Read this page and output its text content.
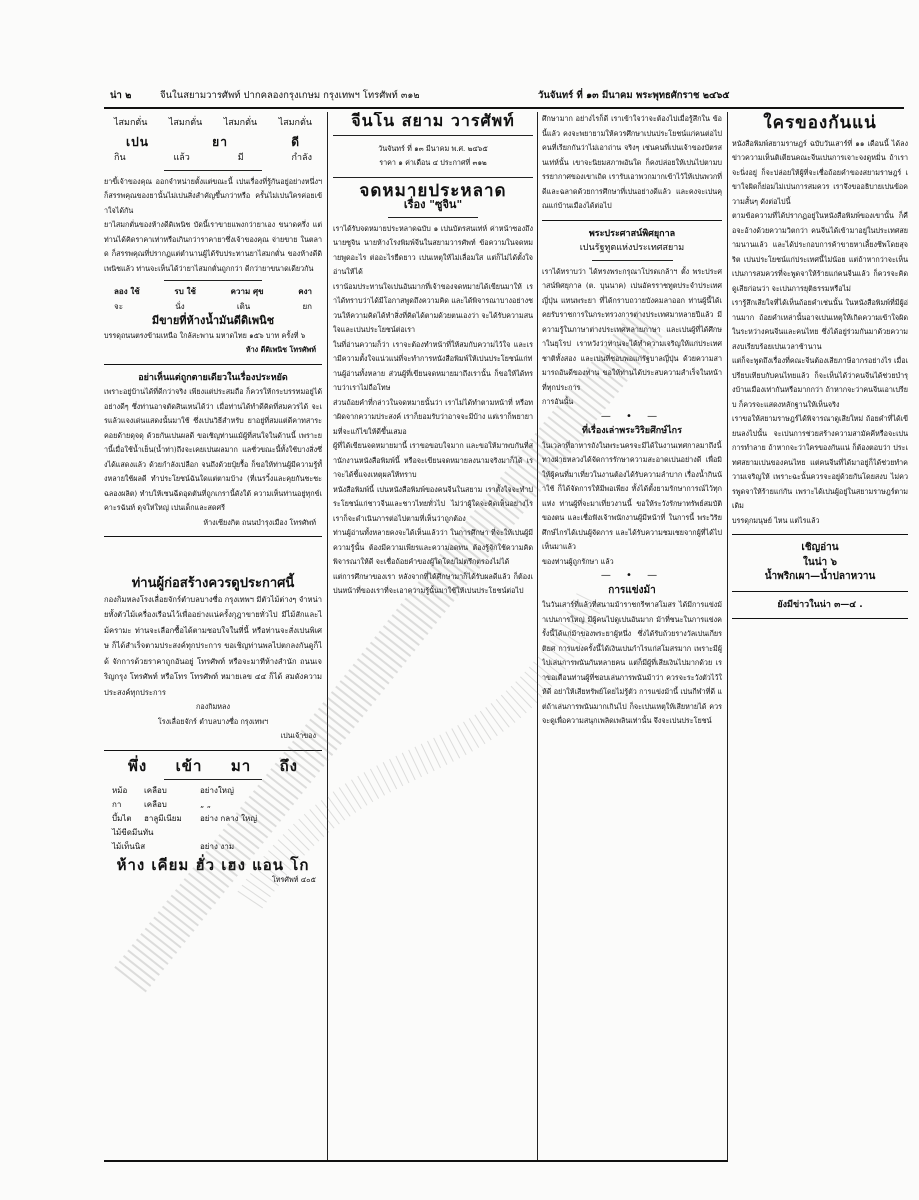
น่า ๒	จีนในสยามวารศัพท์ ปากคลองกรุงเกษม กรุงเทพฯ โทรศัพท์ ๓๑๒	วันจันทร์ ที่ ๑๓ มีนาคม พระพุทธศักราช ๒๔๖๕
ไสมกตั่น ไสมกตั่น ไสมกตั่น ไสมกตั่น
เปน	ยา	ดี
กิน	แล้ว	มี	กำลัง

ยาขี้เจ้าของคุณ ออกจำหน่ายตั้งแต่ขณะนี้ เปนเรื่องที่รู้กันอยู่อย่างหนึ่งฯ ก็สรรพคุณของยานั้นไม่เปนสิ่งสำคัญขึ้นกว่าหรือ ครั้นไม่เปนใครค่อยเข้าใจได้กัน

ยาไสมกตั่นของห้างดีดิเพนิช บัดนี้เราขายแพงกว่ายาเอง ขนาดครึ่ง แต่ท่านได้คิดราคาเท่าหรือเกินกว่าราคายาซึ่งเจ้าของคุณ จ่ายขาย ในตลาด ก็สรรพคุณที่ปรากฏแต่ตำนานผู้ได้รับประทานยาไสมกตั่น ของห้างดีดิเพนิชแล้ว ท่านจะเห็นได้ว่ายาไสมกตั่นถูกกว่า ดีกว่ายาขนาดเดียวกัน

ลอง ใช้	รบ ใช้	ความ ศุข	คงา
จะ	นั่ง	เดิน	ยก
มีขายที่ห้างน้ำมันดีดิเพนิช

บรรดุถนนตรงข้ามเหนือ ใกล้สะพาน มหาดไทย ๑๕๖ บาท ครั้งที่ ๖

ห้าง ดีดิเพนิช โทรศัพท์
อย่าเห็นแต่ถูกตายเดียวในเรื่องประหยัด

เพราะอยู่บ้านได้ที่ดีกว่าจริง เพียงแต่ประสมถือ ก็ควรให้กระบรรทมอยู่ได้อย่างดีๆ ซึ่งท่านอาจตัดสินเหนได้ว่า เมื่อท่านได้ทำดีคิดที่สมควรได้ จะเรแล้วแจงเด่นแสดงนั้นมาใช้ ซึ่งเปนวิธีสำหรับ ยาอยู่ที่สมแต่ดีคาทสาระคอยด้ายดุจดุ ด้วยกันเปนผลดี ขอเชิญท่านแม้ผู้ที่สนใจในด้านนี้ เพราะยานี้เมื่อใช้น้ำเย็น(น้ำท่า)ถึงจะเคยเปนผลมาก แลชั่วขณะนี้ทั้งใช้บางสิ่งซึ่งได้แสดงแล้ว ด้วยกำลังเปลือก จนถึงด้วยปุ๋ยรื้อ ก็ขอให้ท่านผู้มีความรู้ทั้งหลายใช้ผลดี ทำประโยชน์ฉันใดแต่ตามบ้าง (ที่เนรวิ้งและคุยกันชะชะฉลองผลิต) ทำบให้เซนฉีดอุดตันที่ถูกเกรานี้ดังใต้ ความเห็นท่านอยู่ทุกข์เคาะรฉันท์ ดุจให่ใหญ่ เปนเด็กและสดศรี

ห้างเซียงกิต ถนนบำรุงเมือง โทรศัพท์
ท่านผู้ก่อสร้างควรดูประกาศนี้

กองกิมหลงโรงเลื่อยจักร์ตำบลบางซื่อ กรุงเทพฯ มีตัวไม้ต่างๆ จำหน่ายทั้งตัวไม้เครื่องเรือนไว้เพื่ออย่างแน่ครั้งกุฎาขายทั่วไป มีไม้สักและไม้ครามะ ท่านจะเลือกซื้อได้ตามชอบใจในที่นี้ หรือท่านจะสั่งเปนพิเศษ ก็ได้สำเร็จตามประสงค์ทุกประการ ขอเชิญท่านพลไปตกลงกันดูก็ได้ จักการด้วยราคาถูกอันอยู่ โทรศัพท์ หรือจะมาทีห้างสำนัก ถนนเจริญกรุง โทรศัพท์ หรือโทร โทรศัพท์ หมายเลข ๔๔ ก็ได้ สมดังความประสงค์ทุกประการ

กองกิมหลง
โรงเลื่อยจักร์ ตำบลบางซื่อ กรุงเทพฯ
เปนเจ้าของ
พึ่ง เข้า มา ถึง
หม้อ	เคลือบ	อย่างใหญ่
กา	เคลือบ	„ „
บึ้มไต	ฮาลูมีเนียม	อย่าง กลาง ใหญ่
ไม้ขีดมีนทัน
ไม้เท็นนิส	อย่าง งาม
ห้าง เคียม ฮั่ว เฮง แอน โก
โทรศัพท์ ๔๐๕
จีนโน สยาม วารศัพท์
วันจันทร์ ที่ ๑๓ มีนาคม พ.ศ. ๒๔๖๕
ราคา ๑ ค่าเดือน ๔ ประกาศที่ ๓๑๒
จดหมายประหลาด
เรื่อง "ซูจิน"

เราได้รับจดหมายประหลาดฉบับ ๑ เปนบัตรสนเท่ห์ ค่าหน้าซองถึง นายซูจิน นายห้างโรงพิมพ์จีนในสยามวารศัพท์ ข้อความในจดหมายพูดอะไร ต่ออะไรยืดยาว เปนเหตุให้ไม่เลื่อมใส แต่ก็ไม่ได้ตั้งใจอ่านให้ได้

เราน้อมประทานใจเปนอันมากที่เจ้าของจดหมายได้เขียนมาให้ เราได้ทราบว่าได้มีโอกาสพูดถึงความคิด และได้พิจารณาบางอย่างชวนให้ความคิดได้ทำสิ่งที่คิดได้ตามด้วยตนเองว่า จะได้รับความสนใจและเปนประโยชน์ต่อเรา

ในที่อ่านความก็ว่า เราจะต้องทำหน้าที่ให้สมกับความไว้ใจ และเรามีความตั้งใจแน่วแน่ที่จะทำการหนังสือพิมพ์ให้เปนประโยชน์แก่ท่านผู้อ่านทั้งหลาย ส่วนผู้ที่เขียนจดหมายมาถึงเรานั้น ก็ขอให้ได้ทราบว่าเราไม่ถือโทษ

ส่วนถ้อยคำที่กล่าวในจดหมายนั้นว่า เราไม่ได้ทำตามหน้าที่ หรือทำผิดจากความประสงค์ เราก็ยอมรับว่าอาจจะมีบ้าง แต่เราก็พยายามที่จะแก้ไขให้ดีขึ้นเสมอ

ผู้ที่ได้เขียนจดหมายมานี้ เราขอขอบใจมาก และขอให้มาพบกันที่สำนักงานหนังสือพิมพ์นี้ หรือจะเขียนจดหมายลงนามจริงมาก็ได้ เราจะได้ชี้แจงเหตุผลให้ทราบ

หนังสือพิมพ์นี้ เปนหนังสือพิมพ์ของคนจีนในสยาม เราตั้งใจจะทำประโยชน์แก่ชาวจีนและชาวไทยทั่วไป ไม่ว่าผู้ใดจะคิดเห็นอย่างไร เราก็จะดำเนินการต่อไปตามที่เห็นว่าถูกต้อง

ท่านผู้อ่านทั้งหลายคงจะได้เห็นแล้วว่า ในการศึกษา ที่จะให้เปนผู้มีความรู้นั้น ต้องมีความเพียรและความอดทน ต้องรู้จักใช้ความคิดพิจารณาให้ดี จะเชื่อถ้อยคำของผู้ใดโดยไม่ตรึกตรองไม่ได้

แต่การศึกษาของเรา หลังจากที่ได้ศึกษามาก็ได้รับผลดีแล้ว ก็ต้องเปนหน้าที่ของเราที่จะเอาความรู้นั้นมาใช้ให้เปนประโยชน์ต่อไป

ศึกษามาก อย่างไรก็ดี เราเข้าใจว่าจะต้องไปเมื่อรู้สึกใน ข้อนี้แล้ว คงจะพยายามให้ควรศึกษาเปนประโยชน์แก่คนต่อไป คนที่เรียกกันว่าไม่เอาถ่าน จริงๆ เช่นคนที่เปนเจ้าของบัตรสนเท่ห์นั้น เขาจะนิยมสภาพอันใด ก็คงปล่อยให้เปนไปตามบรรยากาศของเขาเถิด เรารับเอาพวกมากเข้าไว้ให้เปนพวกที่ดีและฉลาดด้วยการศึกษาที่เปนอย่างดีแล้ว และคงจะเปนคุณแก่บ้านเมืองได้ต่อไป

พระประศาสน์พิศยุกาล
เปนรัฐทูตแห่งประเทศสยาม

เราได้ทราบว่า ได้ทรงพระกรุณาโปรดเกล้าฯ ตั้ง พระประศาสน์พิศยุกาล (ต. บุนนาค) เปนอัครราชทูตประจำประเทศญี่ปุ่น แทนพระยา ที่ได้กราบถวายบังคมลาออก ท่านผู้นี้ได้เคยรับราชการในกระทรวงการต่างประเทศมาหลายปีแล้ว มีความรู้ในภาษาต่างประเทศหลายภาษา และเปนผู้ที่ได้ศึกษาในยุโรป เราหวังว่าท่านจะได้ทำความเจริญให้แก่ประเทศชาติทั้งสอง และเปนที่ชอบพอแก่รัฐบาลญี่ปุ่น ด้วยความสามารถอันดีของท่าน ขอให้ท่านได้ประสบความสำเร็จในหน้าที่ทุกประการ

การอันนั้น

— • —
ที่เรื่องเล่าพระวิริยศึกษ์ไกร

ในเวลาที่อาหารถังในพระนครจะมีได้ในงานเทศกาลมาถึงนี้ ทางฝ่ายหลวงได้จัดการรักษาความสะอาดเปนอย่างดี เพื่อมิให้ผู้คนที่มาเที่ยวในงานต้องได้รับความลำบาก เรื่องน้ำกินน้ำใช้ ก็ได้จัดการให้มีพอเพียง ทั้งได้ตั้งยามรักษาการณ์ไว้ทุกแห่ง ท่านผู้ที่จะมาเที่ยวงานนี้ ขอให้ระวังรักษาทรัพย์สมบัติของตน และเชื่อฟังเจ้าพนักงานผู้มีหน้าที่ ในการนี้ พระวิริยศึกษ์ไกรได้เปนผู้จัดการ และได้รับความชมเชยจากผู้ที่ได้ไปเห็นมาแล้ว

ของท่านผู้ถูกรักษา แล้ว

— • —
การแข่งม้า

ในวันเสาร์ที่แล้วที่สนามม้าราชกรีฑาสโมสร ได้มีการแข่งม้าเปนการใหญ่ มีผู้คนไปดูเปนอันมาก ม้าที่ชนะในการแข่งครั้งนี้ได้แก่ม้าของพระยาผู้หนึ่ง ซึ่งได้รับถ้วยรางวัลเปนเกียรติยศ การแข่งครั้งนี้ได้เงินเปนกำไรแก่สโมสรมาก เพราะมีผู้ไปเล่นการพนันกันหลายคน แต่ก็มีผู้ที่เสียเงินไปมากด้วย เราขอเตือนท่านผู้ที่ชอบเล่นการพนันม้าว่า ควรจะระวังตัวไว้ให้ดี อย่าให้เสียทรัพย์โดยไม่รู้ตัว การแข่งม้านี้ เปนกีฬาที่ดี แต่ถ้าเล่นการพนันมากเกินไป ก็จะเปนเหตุให้เสียหายได้ ควรจะดูเพื่อความสนุกเพลิดเพลินเท่านั้น จึงจะเปนประโยชน์

ใครของกันแน่

หนังสือพิมพ์สยามราษฎร์ ฉบับวันเสาร์ที่ ๑๑ เดือนนี้ ได้ลงข่าวความเห็นติเตียนคณะจีนเปนการเจาะจงดูหมิ่น ถ้าเราจะนิ่งอยู่ ก็จะปล่อยให้ผู้ที่จะเชื่อถ้อยคำของสยามราษฎร์ เขาใจผิดก็ย่อมไม่เปนการสมควร เราจึงขออธิบายเปนข้อความสั้นๆ ดังต่อไปนี้

ตามข้อความที่ได้ปรากฏอยู่ในหนังสือพิมพ์ของเขานั้น ก็คือจะอ้างด้วยความวิตกว่า คนจีนได้เข้ามาอยู่ในประเทศสยามนานแล้ว และได้ประกอบการค้าขายหาเลี้ยงชีพโดยสุจริต เปนประโยชน์แก่ประเทศนี้ไม่น้อย แต่ถ้าหากว่าจะเห็นเปนการสมควรที่จะพูดจาให้ร้ายแก่คนจีนแล้ว ก็ควรจะคิดดูเสียก่อนว่า จะเปนการยุติธรรมหรือไม่

เรารู้สึกเสียใจที่ได้เห็นถ้อยคำเช่นนั้น ในหนังสือพิมพ์ที่มีผู้อ่านมาก ถ้อยคำเหล่านั้นอาจเปนเหตุให้เกิดความเข้าใจผิดในระหว่างคนจีนและคนไทย ซึ่งได้อยู่ร่วมกันมาด้วยความสงบเรียบร้อยเปนเวลาช้านาน

แต่ก็จะพูดถึงเรื่องที่คณะจีนต้องเสียภาษีอากรอย่างไร เมื่อเปรียบเทียบกับคนไทยแล้ว ก็จะเห็นได้ว่าคนจีนได้ช่วยบำรุงบ้านเมืองเท่ากันหรือมากกว่า ถ้าหากจะว่าคนจีนเอาเปรียบ ก็ควรจะแสดงหลักฐานให้เห็นจริง

เราขอให้สยามราษฎร์ได้พิจารณาดูเสียใหม่ ถ้อยคำที่ได้เขียนลงไปนั้น จะเปนการช่วยสร้างความสามัคคีหรือจะเปนการทำลาย ถ้าหากจะว่าใครของกันแน่ ก็ต้องตอบว่า ประเทศสยามเปนของคนไทย แต่คนจีนที่ได้มาอยู่ก็ได้ช่วยทำความเจริญให้ เพราะฉะนั้นควรจะอยู่ด้วยกันโดยสงบ ไม่ควรพูดจาให้ร้ายแก่กัน เพราะได้เปนผู้อยู่ในสยามราษฎร์ตามเดิม

บรรดุกมนุษย์ ไหน แต่ไรแล้ว

เชิญอ่าน
ในน่า ๖
น้ำพริกเผา—น้ำปลาหวาน
ยังมีข่าวในน่า ๓—๔ .
